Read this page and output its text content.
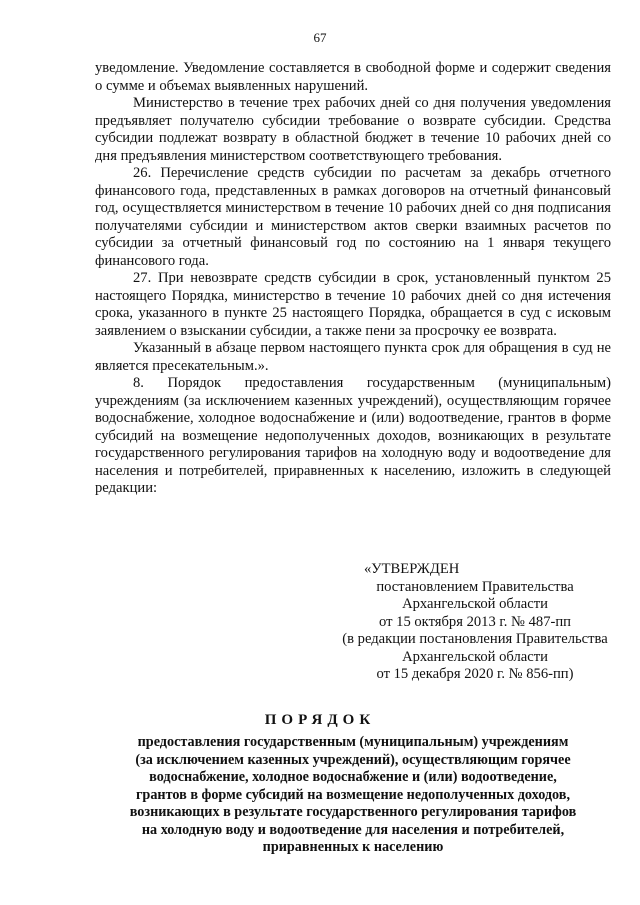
67

уведомление. Уведомление составляется в свободной форме и содержит сведения о сумме и объемах выявленных нарушений.

Министерство в течение трех рабочих дней со дня получения уведомления предъявляет получателю субсидии требование о возврате субсидии. Средства субсидии подлежат возврату в областной бюджет в течение 10 рабочих дней со дня предъявления министерством соответствующего требования.

26. Перечисление средств субсидии по расчетам за декабрь отчетного финансового года, представленных в рамках договоров на отчетный финансовый год, осуществляется министерством в течение 10 рабочих дней со дня подписания получателями субсидии и министерством актов сверки взаимных расчетов по субсидии за отчетный финансовый год по состоянию на 1 января текущего финансового года.

27. При невозврате средств субсидии в срок, установленный пунктом 25 настоящего Порядка, министерство в течение 10 рабочих дней со дня истечения срока, указанного в пункте 25 настоящего Порядка, обращается в суд с исковым заявлением о взыскании субсидии, а также пени за просрочку ее возврата.

Указанный в абзаце первом настоящего пункта срок для обращения в суд не является пресекательным.».

8. Порядок предоставления государственным (муниципальным) учреждениям (за исключением казенных учреждений), осуществляющим горячее водоснабжение, холодное водоснабжение и (или) водоотведение, грантов в форме субсидий на возмещение недополученных доходов, возникающих в результате государственного регулирования тарифов на холодную воду и водоотведение для населения и потребителей, приравненных к населению, изложить в следующей редакции:

«УТВЕРЖДЕН
постановлением Правительства
Архангельской области
от 15 октября 2013 г. № 487-пп
(в редакции постановления Правительства
Архангельской области
от 15 декабря 2020 г. № 856-пп)
ПОРЯДОК
предоставления государственным (муниципальным) учреждениям
(за исключением казенных учреждений), осуществляющим горячее
водоснабжение, холодное водоснабжение и (или) водоотведение,
грантов в форме субсидий на возмещение недополученных доходов,
возникающих в результате государственного регулирования тарифов
на холодную воду и водоотведение для населения и потребителей,
приравненных к населению
